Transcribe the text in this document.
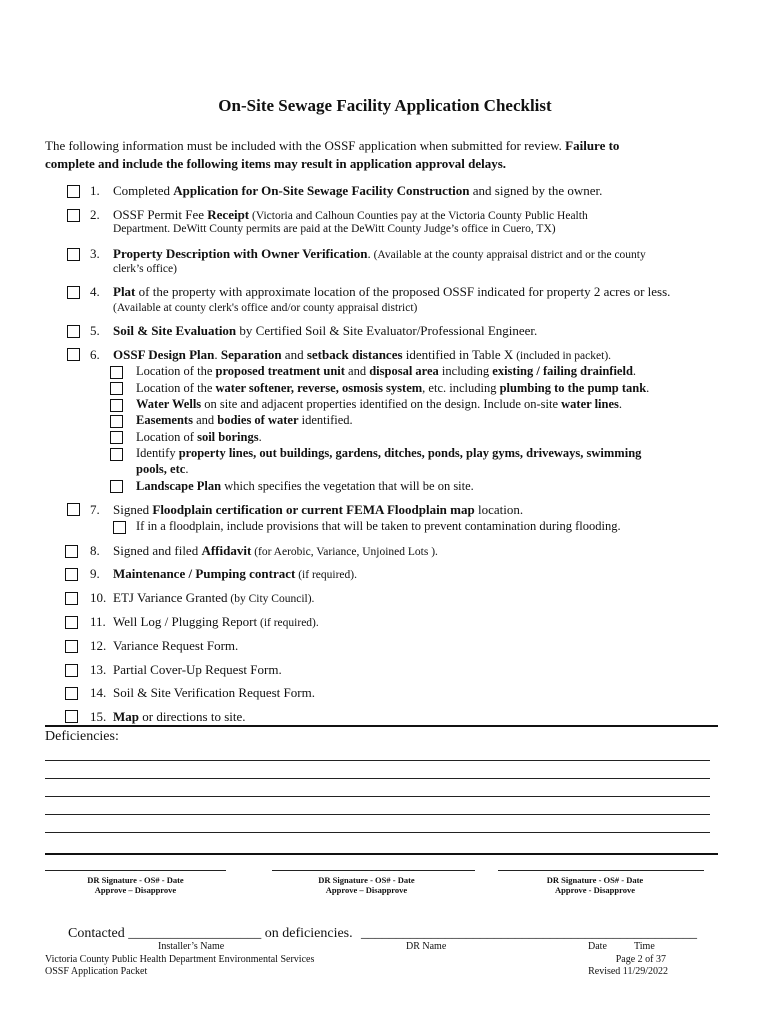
On-Site Sewage Facility Application Checklist
The following information must be included with the OSSF application when submitted for review. Failure to
complete and include the following items may result in application approval delays.
1. Completed Application for On-Site Sewage Facility Construction and signed by the owner.
2. OSSF Permit Fee Receipt (Victoria and Calhoun Counties pay at the Victoria County Public Health
Department. DeWitt County permits are paid at the DeWitt County Judge’s office in Cuero, TX)
3. Property Description with Owner Verification. (Available at the county appraisal district and or the county
clerk’s office)
4. Plat of the property with approximate location of the proposed OSSF indicated for property 2 acres or less.
(Available at county clerk's office and/or county appraisal district)
5. Soil & Site Evaluation by Certified Soil & Site Evaluator/Professional Engineer.
6. OSSF Design Plan. Separation and setback distances identified in Table X (included in packet).
Location of the proposed treatment unit and disposal area including existing / failing drainfield.
Location of the water softener, reverse, osmosis system, etc. including plumbing to the pump tank.
Water Wells on site and adjacent properties identified on the design. Include on-site water lines.
Easements and bodies of water identified.
Location of soil borings.
Identify property lines, out buildings, gardens, ditches, ponds, play gyms, driveways, swimming
pools, etc.
Landscape Plan which specifies the vegetation that will be on site.
7. Signed Floodplain certification or current FEMA Floodplain map location.
If in a floodplain, include provisions that will be taken to prevent contamination during flooding.
8. Signed and filed Affidavit (for Aerobic, Variance, Unjoined Lots ).
9. Maintenance / Pumping contract (if required).
10. ETJ Variance Granted (by City Council).
11. Well Log / Plugging Report (if required).
12. Variance Request Form.
13. Partial Cover-Up Request Form.
14. Soil & Site Verification Request Form.
15. Map or directions to site.
Deficiencies:
DR Signature - OS# - Date
Approve – Disapprove
DR Signature - OS# - Date
Approve – Disapprove
DR Signature - OS# - Date
Approve - Disapprove
Contacted ___________________ on deficiencies. ________________________________________________
Installer’s Name	DR Name	Date	Time
Victoria County Public Health Department Environmental Services
OSSF Application Packet
Page 2 of 37
Revised 11/29/2022
